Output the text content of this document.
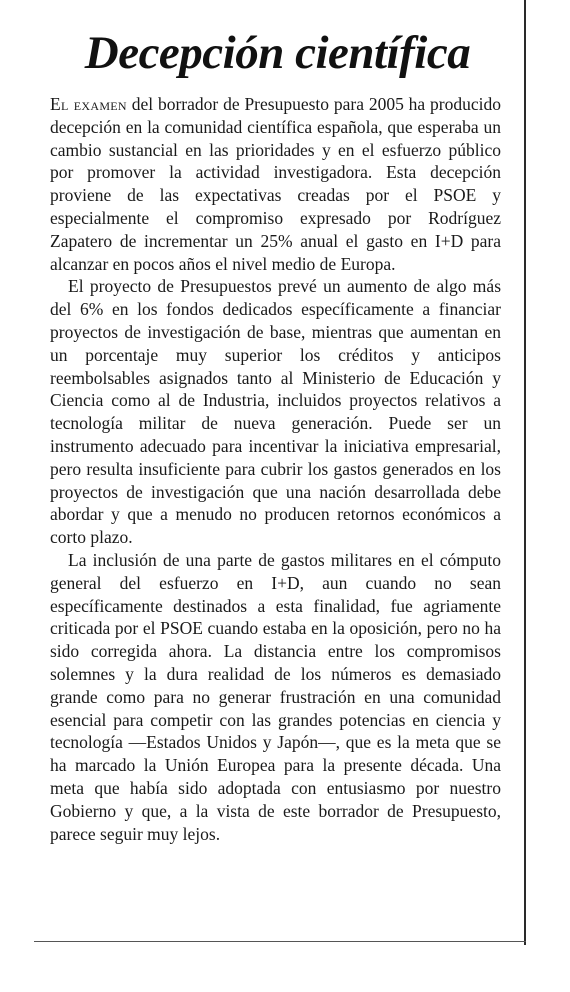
Decepción científica

El examen del borrador de Presupuesto para 2005 ha producido decepción en la comunidad científica española, que esperaba un cambio sustancial en las prioridades y en el esfuerzo público por promover la actividad investigadora. Esta decepción proviene de las expectativas creadas por el PSOE y especialmente el compromiso expresado por Rodríguez Zapatero de incrementar un 25% anual el gasto en I+D para alcanzar en pocos años el nivel medio de Europa.

El proyecto de Presupuestos prevé un aumento de algo más del 6% en los fondos dedicados específicamente a financiar proyectos de investigación de base, mientras que aumentan en un porcentaje muy superior los créditos y anticipos reembolsables asignados tanto al Ministerio de Educación y Ciencia como al de Industria, incluidos proyectos relativos a tecnología militar de nueva generación. Puede ser un instrumento adecuado para incentivar la iniciativa empresarial, pero resulta insuficiente para cubrir los gastos generados en los proyectos de investigación que una nación desarrollada debe abordar y que a menudo no producen retornos económicos a corto plazo.

La inclusión de una parte de gastos militares en el cómputo general del esfuerzo en I+D, aun cuando no sean específicamente destinados a esta finalidad, fue agriamente criticada por el PSOE cuando estaba en la oposición, pero no ha sido corregida ahora. La distancia entre los compromisos solemnes y la dura realidad de los números es demasiado grande como para no generar frustración en una comunidad esencial para competir con las grandes potencias en ciencia y tecnología —Estados Unidos y Japón—, que es la meta que se ha marcado la Unión Europea para la presente década. Una meta que había sido adoptada con entusiasmo por nuestro Gobierno y que, a la vista de este borrador de Presupuesto, parece seguir muy lejos.
